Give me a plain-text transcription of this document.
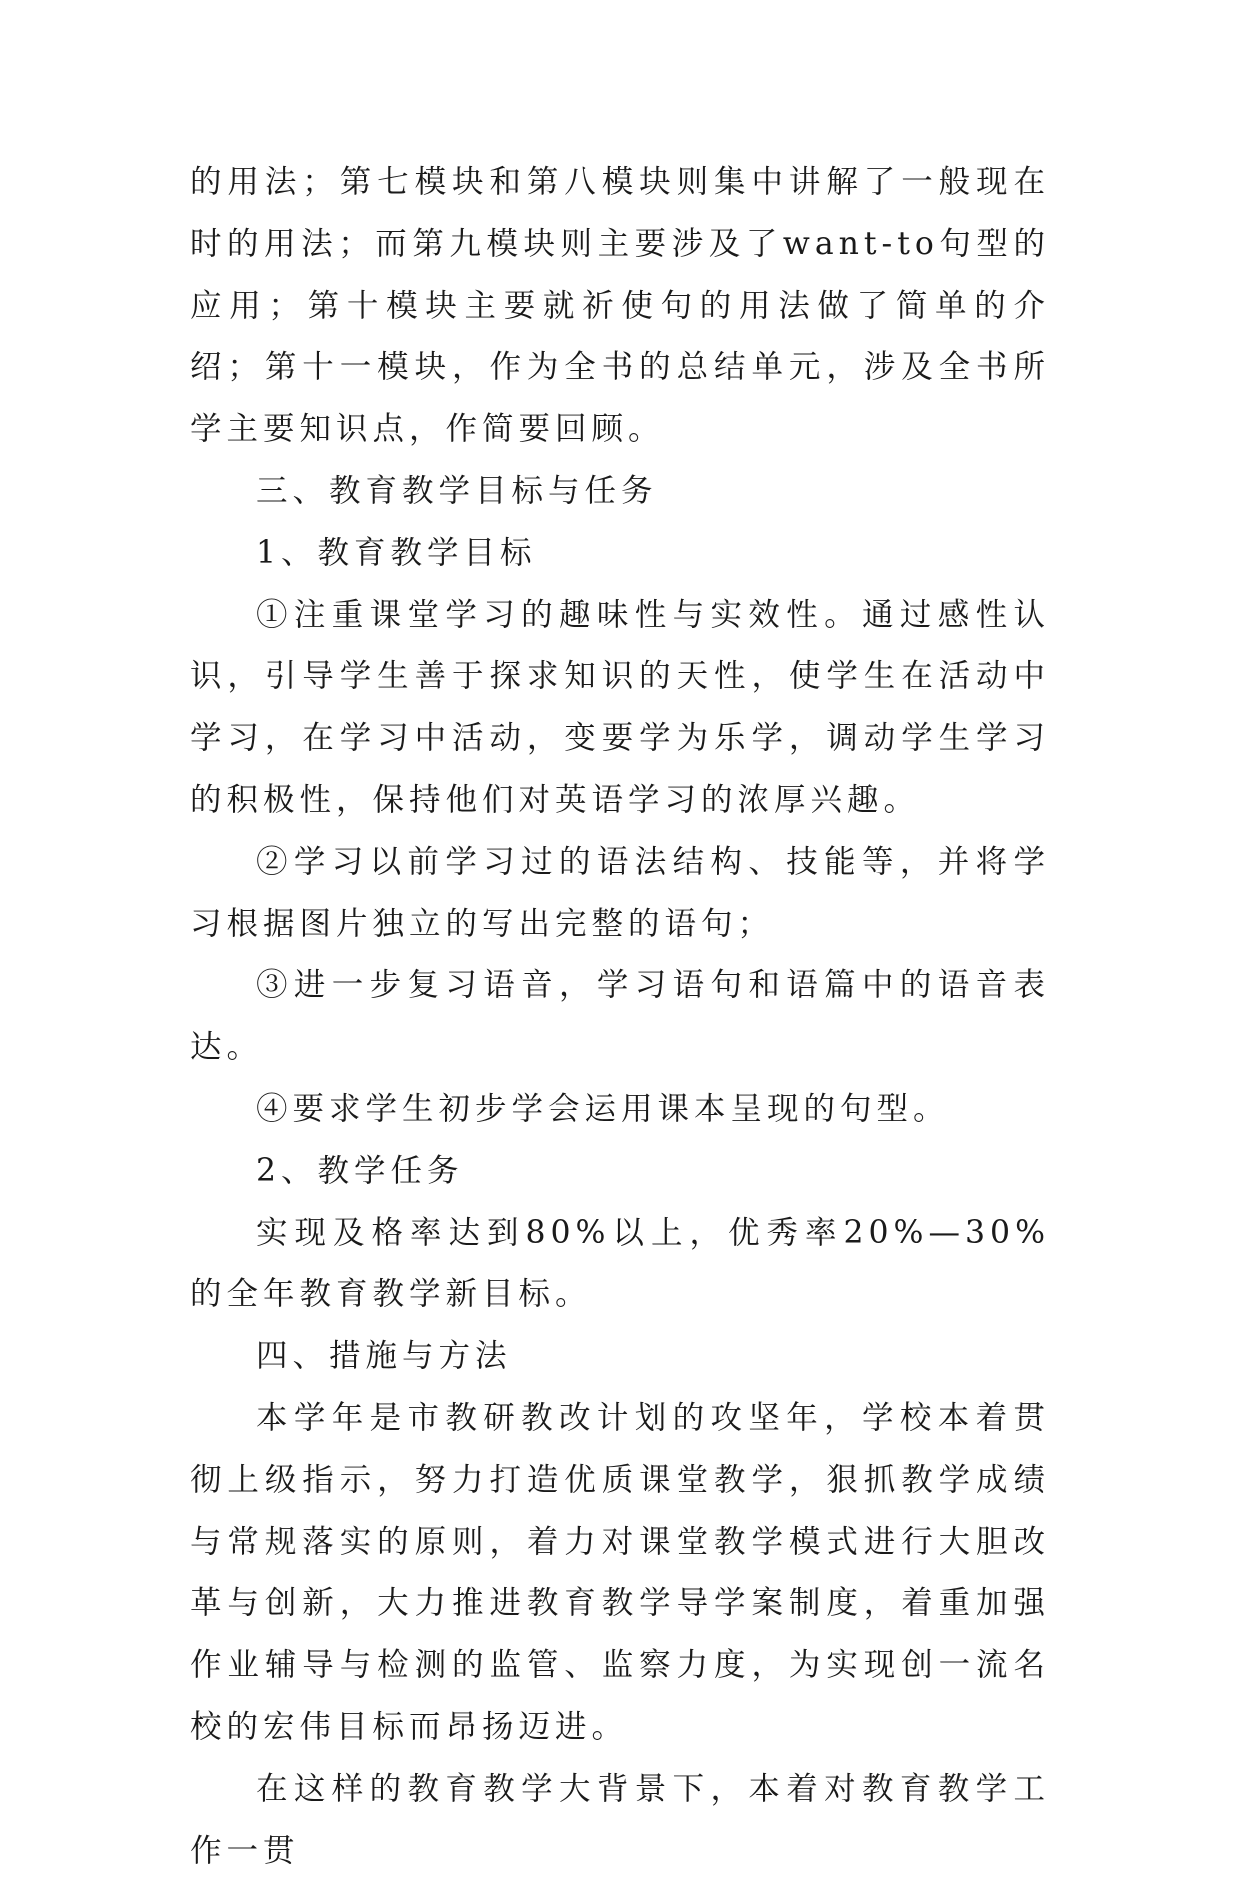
的用法；第七模块和第八模块则集中讲解了一般现在时的用法；而第九模块则主要涉及了want-to句型的应用；第十模块主要就祈使句的用法做了简单的介绍；第十一模块，作为全书的总结单元，涉及全书所学主要知识点，作简要回顾。

三、教育教学目标与任务

1、教育教学目标

①注重课堂学习的趣味性与实效性。通过感性认识，引导学生善于探求知识的天性，使学生在活动中学习，在学习中活动，变要学为乐学，调动学生学习的积极性，保持他们对英语学习的浓厚兴趣。

②学习以前学习过的语法结构、技能等，并将学习根据图片独立的写出完整的语句；

③进一步复习语音，学习语句和语篇中的语音表达。

④要求学生初步学会运用课本呈现的句型。

2、教学任务

实现及格率达到80%以上，优秀率20%—30%的全年教育教学新目标。

四、措施与方法

本学年是市教研教改计划的攻坚年，学校本着贯彻上级指示，努力打造优质课堂教学，狠抓教学成绩与常规落实的原则，着力对课堂教学模式进行大胆改革与创新，大力推进教育教学导学案制度，着重加强作业辅导与检测的监管、监察力度，为实现创一流名校的宏伟目标而昂扬迈进。

在这样的教育教学大背景下，本着对教育教学工作一贯
